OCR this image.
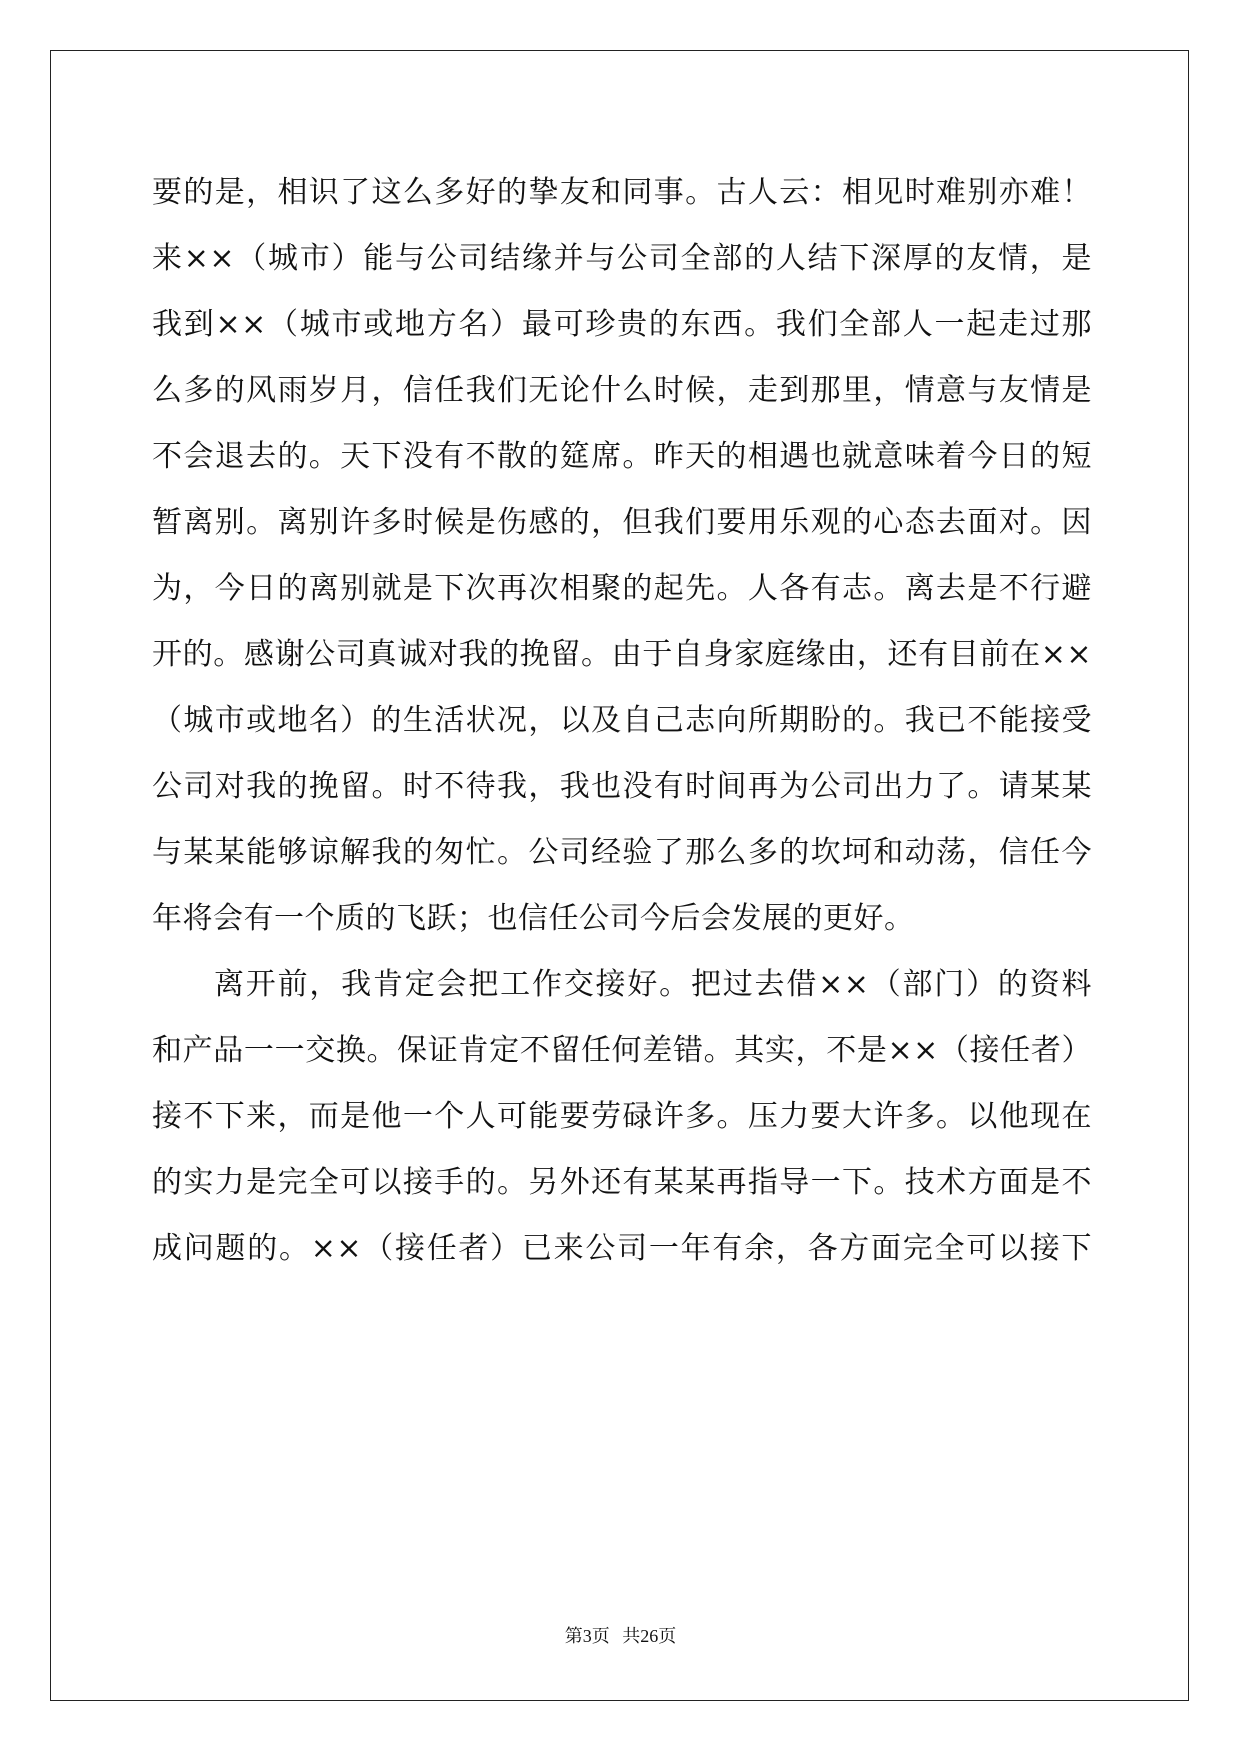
要的是，相识了这么多好的挚友和同事。古人云：相见时难别亦难！
来××（城市）能与公司结缘并与公司全部的人结下深厚的友情，是
我到××（城市或地方名）最可珍贵的东西。我们全部人一起走过那
么多的风雨岁月，信任我们无论什么时候，走到那里，情意与友情是
不会退去的。天下没有不散的筵席。昨天的相遇也就意味着今日的短
暂离别。离别许多时候是伤感的，但我们要用乐观的心态去面对。因
为，今日的离别就是下次再次相聚的起先。人各有志。离去是不行避
开的。感谢公司真诚对我的挽留。由于自身家庭缘由，还有目前在××
（城市或地名）的生活状况，以及自己志向所期盼的。我已不能接受
公司对我的挽留。时不待我，我也没有时间再为公司出力了。请某某
与某某能够谅解我的匆忙。公司经验了那么多的坎坷和动荡，信任今
年将会有一个质的飞跃；也信任公司今后会发展的更好。
离开前，我肯定会把工作交接好。把过去借××（部门）的资料
和产品一一交换。保证肯定不留任何差错。其实，不是××（接任者）
接不下来，而是他一个人可能要劳碌许多。压力要大许多。以他现在
的实力是完全可以接手的。另外还有某某再指导一下。技术方面是不
成问题的。××（接任者）已来公司一年有余，各方面完全可以接下
第3页 共26页
